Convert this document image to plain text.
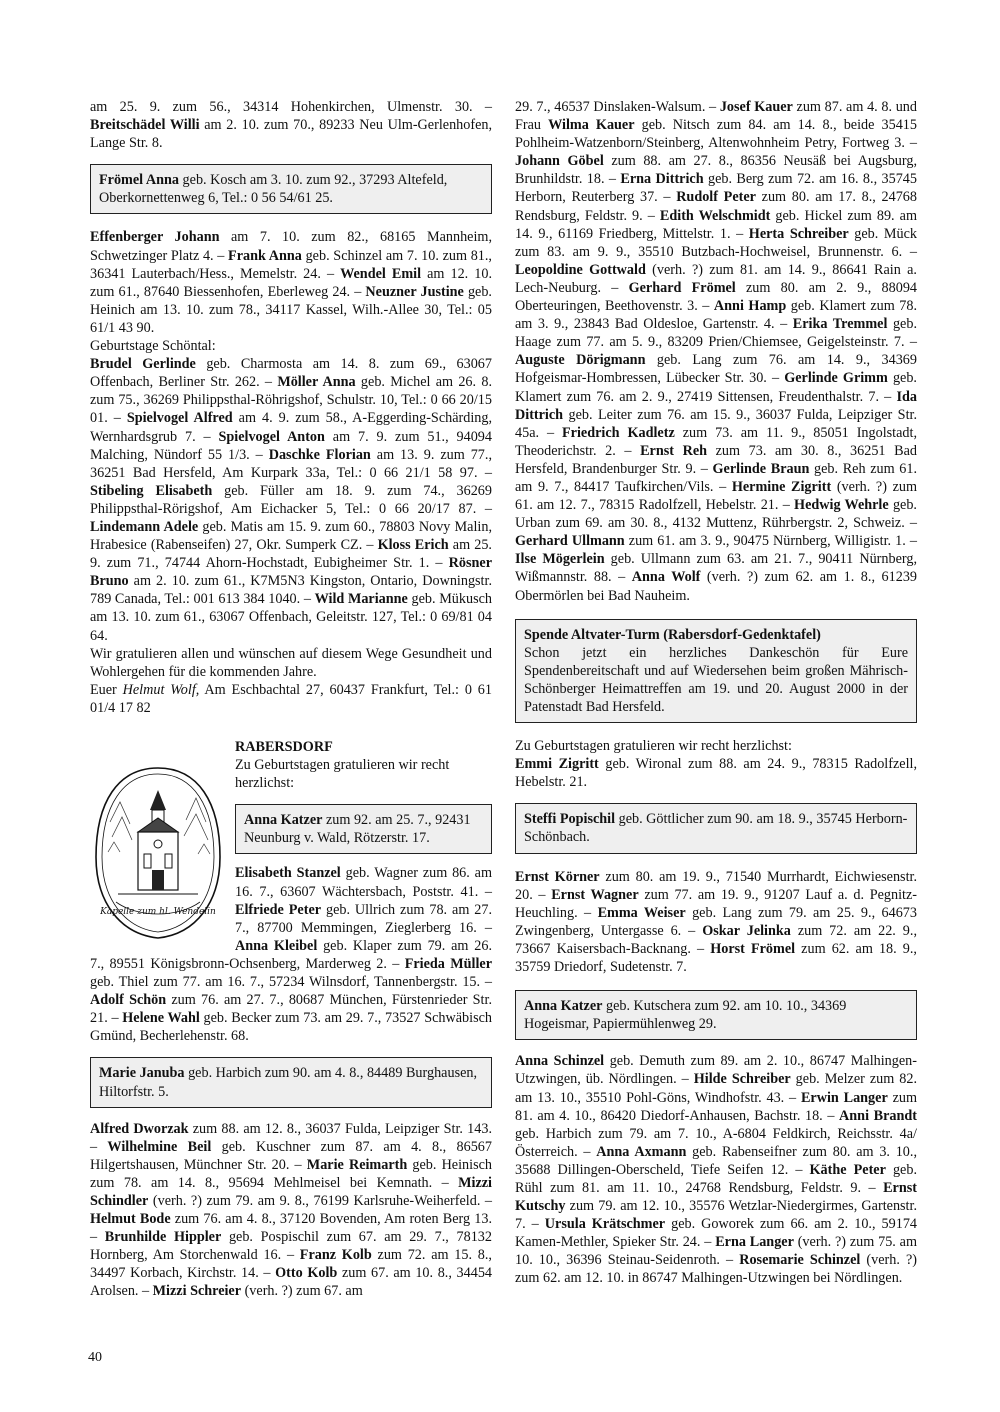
am 25. 9. zum 56., 34314 Hohenkirchen, Ulmenstr. 30. – Breitschädel Willi am 2. 10. zum 70., 89233 Neu Ulm-Gerlenhofen, Lange Str. 8.

Frömel Anna geb. Kosch am 3. 10. zum 92., 37293 Altefeld, Oberkornettenweg 6, Tel.: 0 56 54/61 25.

Effenberger Johann am 7. 10. zum 82., 68165 Mannheim, Schwetzinger Platz 4. – Frank Anna geb. Schinzel am 7. 10. zum 81., 36341 Lauterbach/Hess., Memelstr. 24. – Wendel Emil am 12. 10. zum 61., 87640 Biessenhofen, Eberleweg 24. – Neuzner Justine geb. Heinich am 13. 10. zum 78., 34117 Kassel, Wilh.-Allee 30, Tel.: 05 61/1 43 90.

Geburtstage Schöntal:

Brudel Gerlinde geb. Charmosta am 14. 8. zum 69., 63067 Offenbach, Berliner Str. 262. – Möller Anna geb. Michel am 26. 8. zum 75., 36269 Philippsthal-Röhrigshof, Schulstr. 10, Tel.: 0 66 20/15 01. – Spielvogel Alfred am 4. 9. zum 58., A-Eggerding-Schärding, Wernhardsgrub 7. – Spielvogel Anton am 7. 9. zum 51., 94094 Malching, Nündorf 55 1/3. – Daschke Florian am 13. 9. zum 77., 36251 Bad Hersfeld, Am Kurpark 33a, Tel.: 0 66 21/1 58 97. – Stibeling Elisabeth geb. Füller am 18. 9. zum 74., 36269 Philippsthal-Rörigshof, Am Eichacker 5, Tel.: 0 66 20/17 87. – Lindemann Adele geb. Matis am 15. 9. zum 60., 78803 Novy Malin, Hrabesice (Rabenseifen) 27, Okr. Sumperk CZ. – Kloss Erich am 25. 9. zum 71., 74744 Ahorn-Hochstadt, Eubigheimer Str. 1. – Rösner Bruno am 2. 10. zum 61., K7M5N3 Kingston, Ontario, Downingstr. 789 Canada, Tel.: 001 613 384 1040. – Wild Marianne geb. Mükusch am 13. 10. zum 61., 63067 Offenbach, Geleitstr. 127, Tel.: 0 69/81 04 64.

Wir gratulieren allen und wünschen auf diesem Wege Gesundheit und Wohlergehen für die kommenden Jahre.

Euer Helmut Wolf, Am Eschbachtal 27, 60437 Frankfurt, Tel.: 0 61 01/4 17 82

Kapelle zum hl. Wendelin

RABERSDORF

Zu Geburtstagen gratulieren wir recht herzlichst:

Anna Katzer zum 92. am 25. 7., 92431 Neunburg v. Wald, Rötzerstr. 17.

Elisabeth Stanzel geb. Wagner zum 86. am 16. 7., 63607 Wächtersbach, Poststr. 41. – Elfriede Peter geb. Ullrich zum 78. am 27. 7., 87700 Memmingen, Zieglerberg 16. – Anna Kleibel geb. Klaper zum 79. am 26. 7., 89551 Königsbronn-Ochsenberg, Marderweg 2. – Frieda Müller geb. Thiel zum 77. am 16. 7., 57234 Wilnsdorf, Tannenbergstr. 15. – Adolf Schön zum 76. am 27. 7., 80687 München, Fürstenrieder Str. 21. – Helene Wahl geb. Becker zum 73. am 29. 7., 73527 Schwäbisch Gmünd, Becherlehenstr. 68.

Marie Januba geb. Harbich zum 90. am 4. 8., 84489 Burghausen, Hiltorfstr. 5.

Alfred Dworzak zum 88. am 12. 8., 36037 Fulda, Leipziger Str. 143. – Wilhelmine Beil geb. Kuschner zum 87. am 4. 8., 86567 Hilgertshausen, Münchner Str. 20. – Marie Reimarth geb. Heinisch zum 78. am 14. 8., 95694 Mehlmeisel bei Kemnath. – Mizzi Schindler (verh. ?) zum 79. am 9. 8., 76199 Karlsruhe-Weiherfeld. – Helmut Bode zum 76. am 4. 8., 37120 Bovenden, Am roten Berg 13. – Brunhilde Hippler geb. Pospischil zum 67. am 29. 7., 78132 Hornberg, Am Storchenwald 16. – Franz Kolb zum 72. am 15. 8., 34497 Korbach, Kirchstr. 14. – Otto Kolb zum 67. am 10. 8., 34454 Arolsen. – Mizzi Schreier (verh. ?) zum 67. am

29. 7., 46537 Dinslaken-Walsum. – Josef Kauer zum 87. am 4. 8. und Frau Wilma Kauer geb. Nitsch zum 84. am 14. 8., beide 35415 Pohlheim-Watzenborn/Steinberg, Altenwohnheim Petry, Fortweg 3. – Johann Göbel zum 88. am 27. 8., 86356 Neusäß bei Augsburg, Brunhildstr. 18. – Erna Dittrich geb. Berg zum 72. am 16. 8., 35745 Herborn, Reuterberg 37. – Rudolf Peter zum 80. am 17. 8., 24768 Rendsburg, Feldstr. 9. – Edith Welschmidt geb. Hickel zum 89. am 14. 9., 61169 Friedberg, Mittelstr. 1. – Herta Schreiber geb. Mück zum 83. am 9. 9., 35510 Butzbach-Hochweisel, Brunnenstr. 6. – Leopoldine Gottwald (verh. ?) zum 81. am 14. 9., 86641 Rain a. Lech-Neuburg. – Gerhard Frömel zum 80. am 2. 9., 88094 Oberteuringen, Beethovenstr. 3. – Anni Hamp geb. Klamert zum 78. am 3. 9., 23843 Bad Oldesloe, Gartenstr. 4. – Erika Tremmel geb. Haage zum 77. am 5. 9., 83209 Prien/Chiemsee, Geigelsteinstr. 7. – Auguste Dörigmann geb. Lang zum 76. am 14. 9., 34369 Hofgeismar-Hombressen, Lübecker Str. 30. – Gerlinde Grimm geb. Klamert zum 76. am 2. 9., 27419 Sittensen, Freudenthalstr. 7. – Ida Dittrich geb. Leiter zum 76. am 15. 9., 36037 Fulda, Leipziger Str. 45a. – Friedrich Kadletz zum 73. am 11. 9., 85051 Ingolstadt, Theoderichstr. 2. – Ernst Reh zum 73. am 30. 8., 36251 Bad Hersfeld, Brandenburger Str. 9. – Gerlinde Braun geb. Reh zum 61. am 9. 7., 84417 Taufkirchen/Vils. – Hermine Zigritt (verh. ?) zum 61. am 12. 7., 78315 Radolfzell, Hebelstr. 21. – Hedwig Wehrle geb. Urban zum 69. am 30. 8., 4132 Muttenz, Rührbergstr. 2, Schweiz. – Gerhard Ullmann zum 61. am 3. 9., 90475 Nürnberg, Willigistr. 1. – Ilse Mögerlein geb. Ullmann zum 63. am 21. 7., 90411 Nürnberg, Wißmannstr. 88. – Anna Wolf (verh. ?) zum 62. am 1. 8., 61239 Obermörlen bei Bad Nauheim.

Spende Altvater-Turm (Rabersdorf-Gedenktafel)

Schon jetzt ein herzliches Dankeschön für Eure Spendenbereitschaft und auf Wiedersehen beim großen Mährisch-Schönberger Heimattreffen am 19. und 20. August 2000 in der Patenstadt Bad Hersfeld.

Zu Geburtstagen gratulieren wir recht herzlichst:

Emmi Zigritt geb. Wironal zum 88. am 24. 9., 78315 Radolfzell, Hebelstr. 21.

Steffi Popischil geb. Göttlicher zum 90. am 18. 9., 35745 Herborn-Schönbach.

Ernst Körner zum 80. am 19. 9., 71540 Murrhardt, Eichwiesenstr. 20. – Ernst Wagner zum 77. am 19. 9., 91207 Lauf a. d. Pegnitz-Heuchling. – Emma Weiser geb. Lang zum 79. am 25. 9., 64673 Zwingenberg, Untergasse 6. – Oskar Jelinka zum 72. am 22. 9., 73667 Kaisersbach-Backnang. – Horst Frömel zum 62. am 18. 9., 35759 Driedorf, Sudetenstr. 7.

Anna Katzer geb. Kutschera zum 92. am 10. 10., 34369 Hogeismar, Papiermühlenweg 29.

Anna Schinzel geb. Demuth zum 89. am 2. 10., 86747 Malhingen-Utzwingen, üb. Nördlingen. – Hilde Schreiber geb. Melzer zum 82. am 13. 10., 35510 Pohl-Göns, Windhofstr. 43. – Erwin Langer zum 81. am 4. 10., 86420 Diedorf-Anhausen, Bachstr. 18. – Anni Brandt geb. Harbich zum 79. am 7. 10., A-6804 Feldkirch, Reichsstr. 4a/Österreich. – Anna Axmann geb. Rabenseifner zum 80. am 3. 10., 35688 Dillingen-Oberscheld, Tiefe Seifen 12. – Käthe Peter geb. Rühl zum 81. am 11. 10., 24768 Rendsburg, Feldstr. 9. – Ernst Kutschy zum 79. am 12. 10., 35576 Wetzlar-Niedergirmes, Gartenstr. 7. – Ursula Krätschmer geb. Goworek zum 66. am 2. 10., 59174 Kamen-Methler, Spieker Str. 24. – Erna Langer (verh. ?) zum 75. am 10. 10., 36396 Steinau-Seidenroth. – Rosemarie Schinzel (verh. ?) zum 62. am 12. 10. in 86747 Malhingen-Utzwingen bei Nördlingen.

40
